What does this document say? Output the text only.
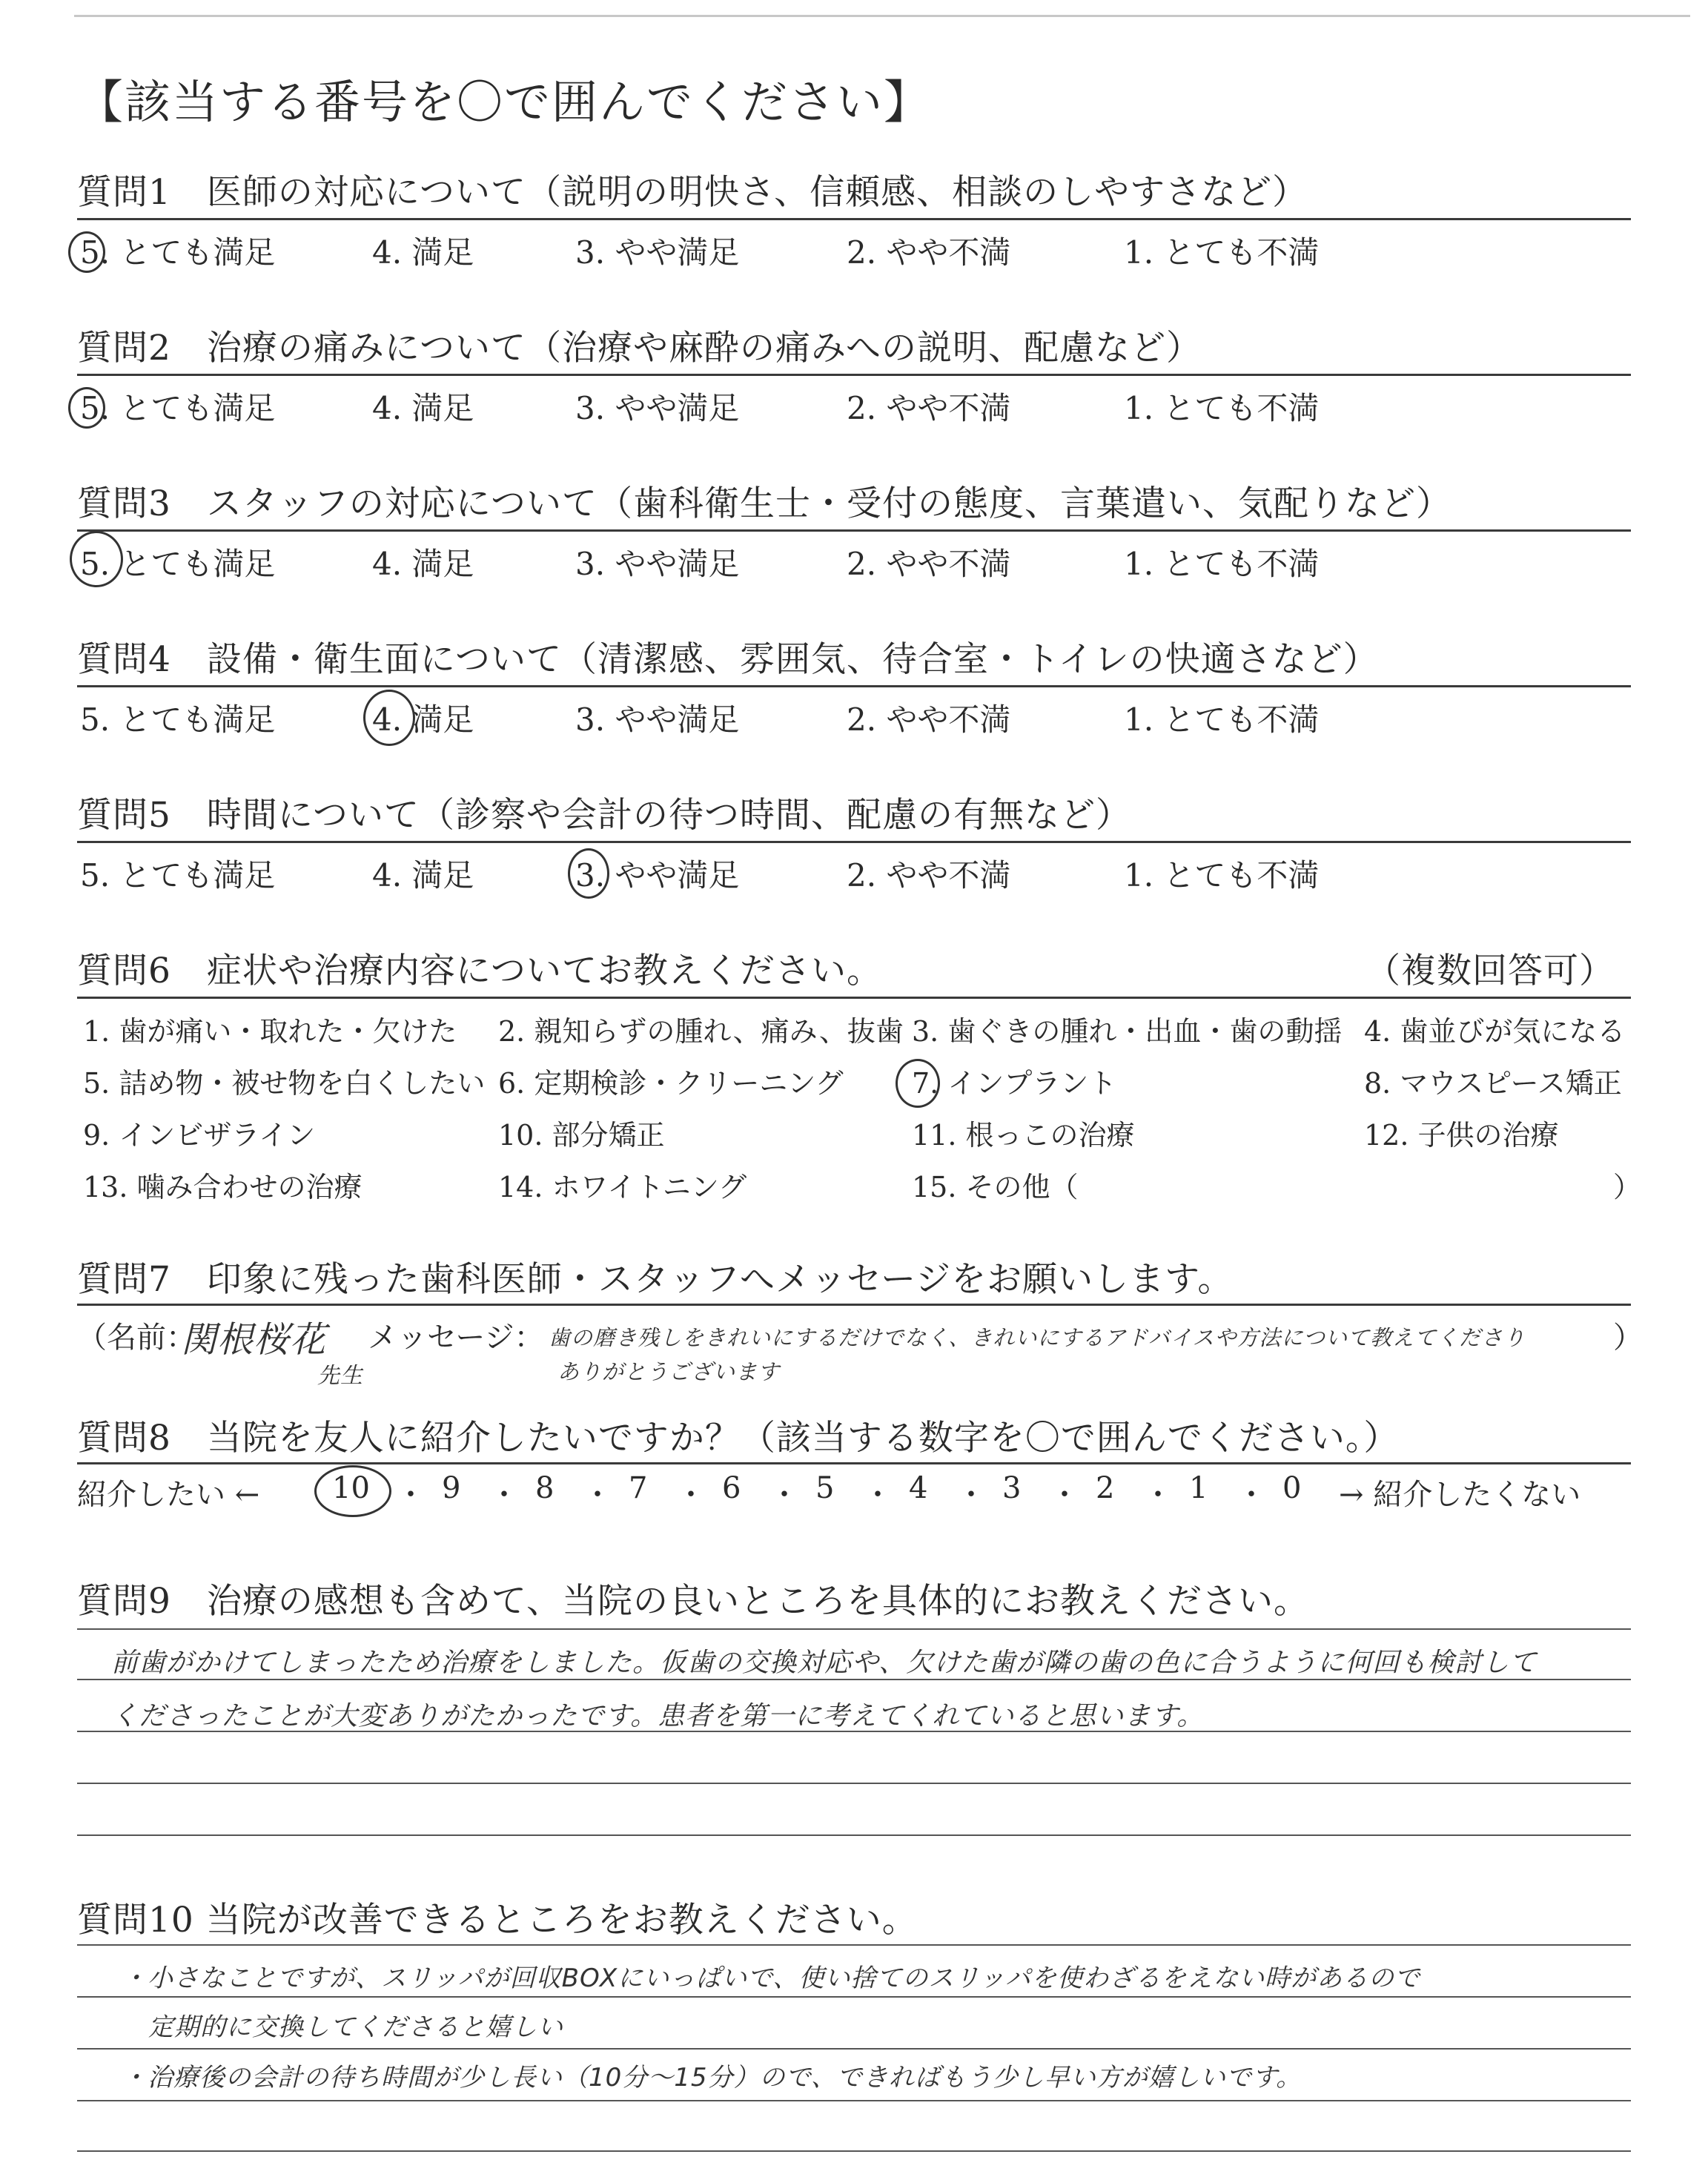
【該当する番号を〇で囲んでください】
質問1　医師の対応について（説明の明快さ、信頼感、相談のしやすさなど）
5. とても満足	4. 満足	3. やや満足	2. やや不満	1. とても不満
質問2　治療の痛みについて（治療や麻酔の痛みへの説明、配慮など）
5. とても満足	4. 満足	3. やや満足	2. やや不満	1. とても不満
質問3　スタッフの対応について（歯科衛生士・受付の態度、言葉遣い、気配りなど）
5. とても満足	4. 満足	3. やや満足	2. やや不満	1. とても不満
質問4　設備・衛生面について（清潔感、雰囲気、待合室・トイレの快適さなど）
5. とても満足	4. 満足	3. やや満足	2. やや不満	1. とても不満
質問5　時間について（診察や会計の待つ時間、配慮の有無など）
5. とても満足	4. 満足	3. やや満足	2. やや不満	1. とても不満
質問6　症状や治療内容についてお教えください。	（複数回答可）
1. 歯が痛い・取れた・欠けた 2. 親知らずの腫れ、痛み、抜歯 3. 歯ぐきの腫れ・出血・歯の動揺 4. 歯並びが気になる
5. 詰め物・被せ物を白くしたい 6. 定期検診・クリーニング 7. インプラント	8. マウスピース矯正
9. インビザライン	10. 部分矯正	11. 根っこの治療	12. 子供の治療
13. 噛み合わせの治療	14. ホワイトニング	15. その他（	）
質問7　印象に残った歯科医師・スタッフへメッセージをお願いします。
（名前：
関根桜花
先生
メッセージ： 歯の磨き残しをきれいにするだけでなく、きれいにするアドバイスや方法について教えてくださり
ありがとうございます
）
質問8　当院を友人に紹介したいですか？（該当する数字を〇で囲んでください。）
紹介したい ← 10 ・ 9 ・ 8 ・ 7 ・ 6 ・ 5 ・ 4 ・ 3 ・ 2 ・ 1 ・ 0 → 紹介したくない
質問9　治療の感想も含めて、当院の良いところを具体的にお教えください。
前歯がかけてしまったため治療をしました。仮歯の交換対応や、欠けた歯が隣の歯の色に合うように何回も検討して
くださったことが大変ありがたかったです。患者を第一に考えてくれていると思います。
質問10 当院が改善できるところをお教えください。
・小さなことですが、スリッパが回収BOXにいっぱいで、使い捨てのスリッパを使わざるをえない時があるので
定期的に交換してくださると嬉しい
・治療後の会計の待ち時間が少し長い（10分〜15分）ので、できればもう少し早い方が嬉しいです。
